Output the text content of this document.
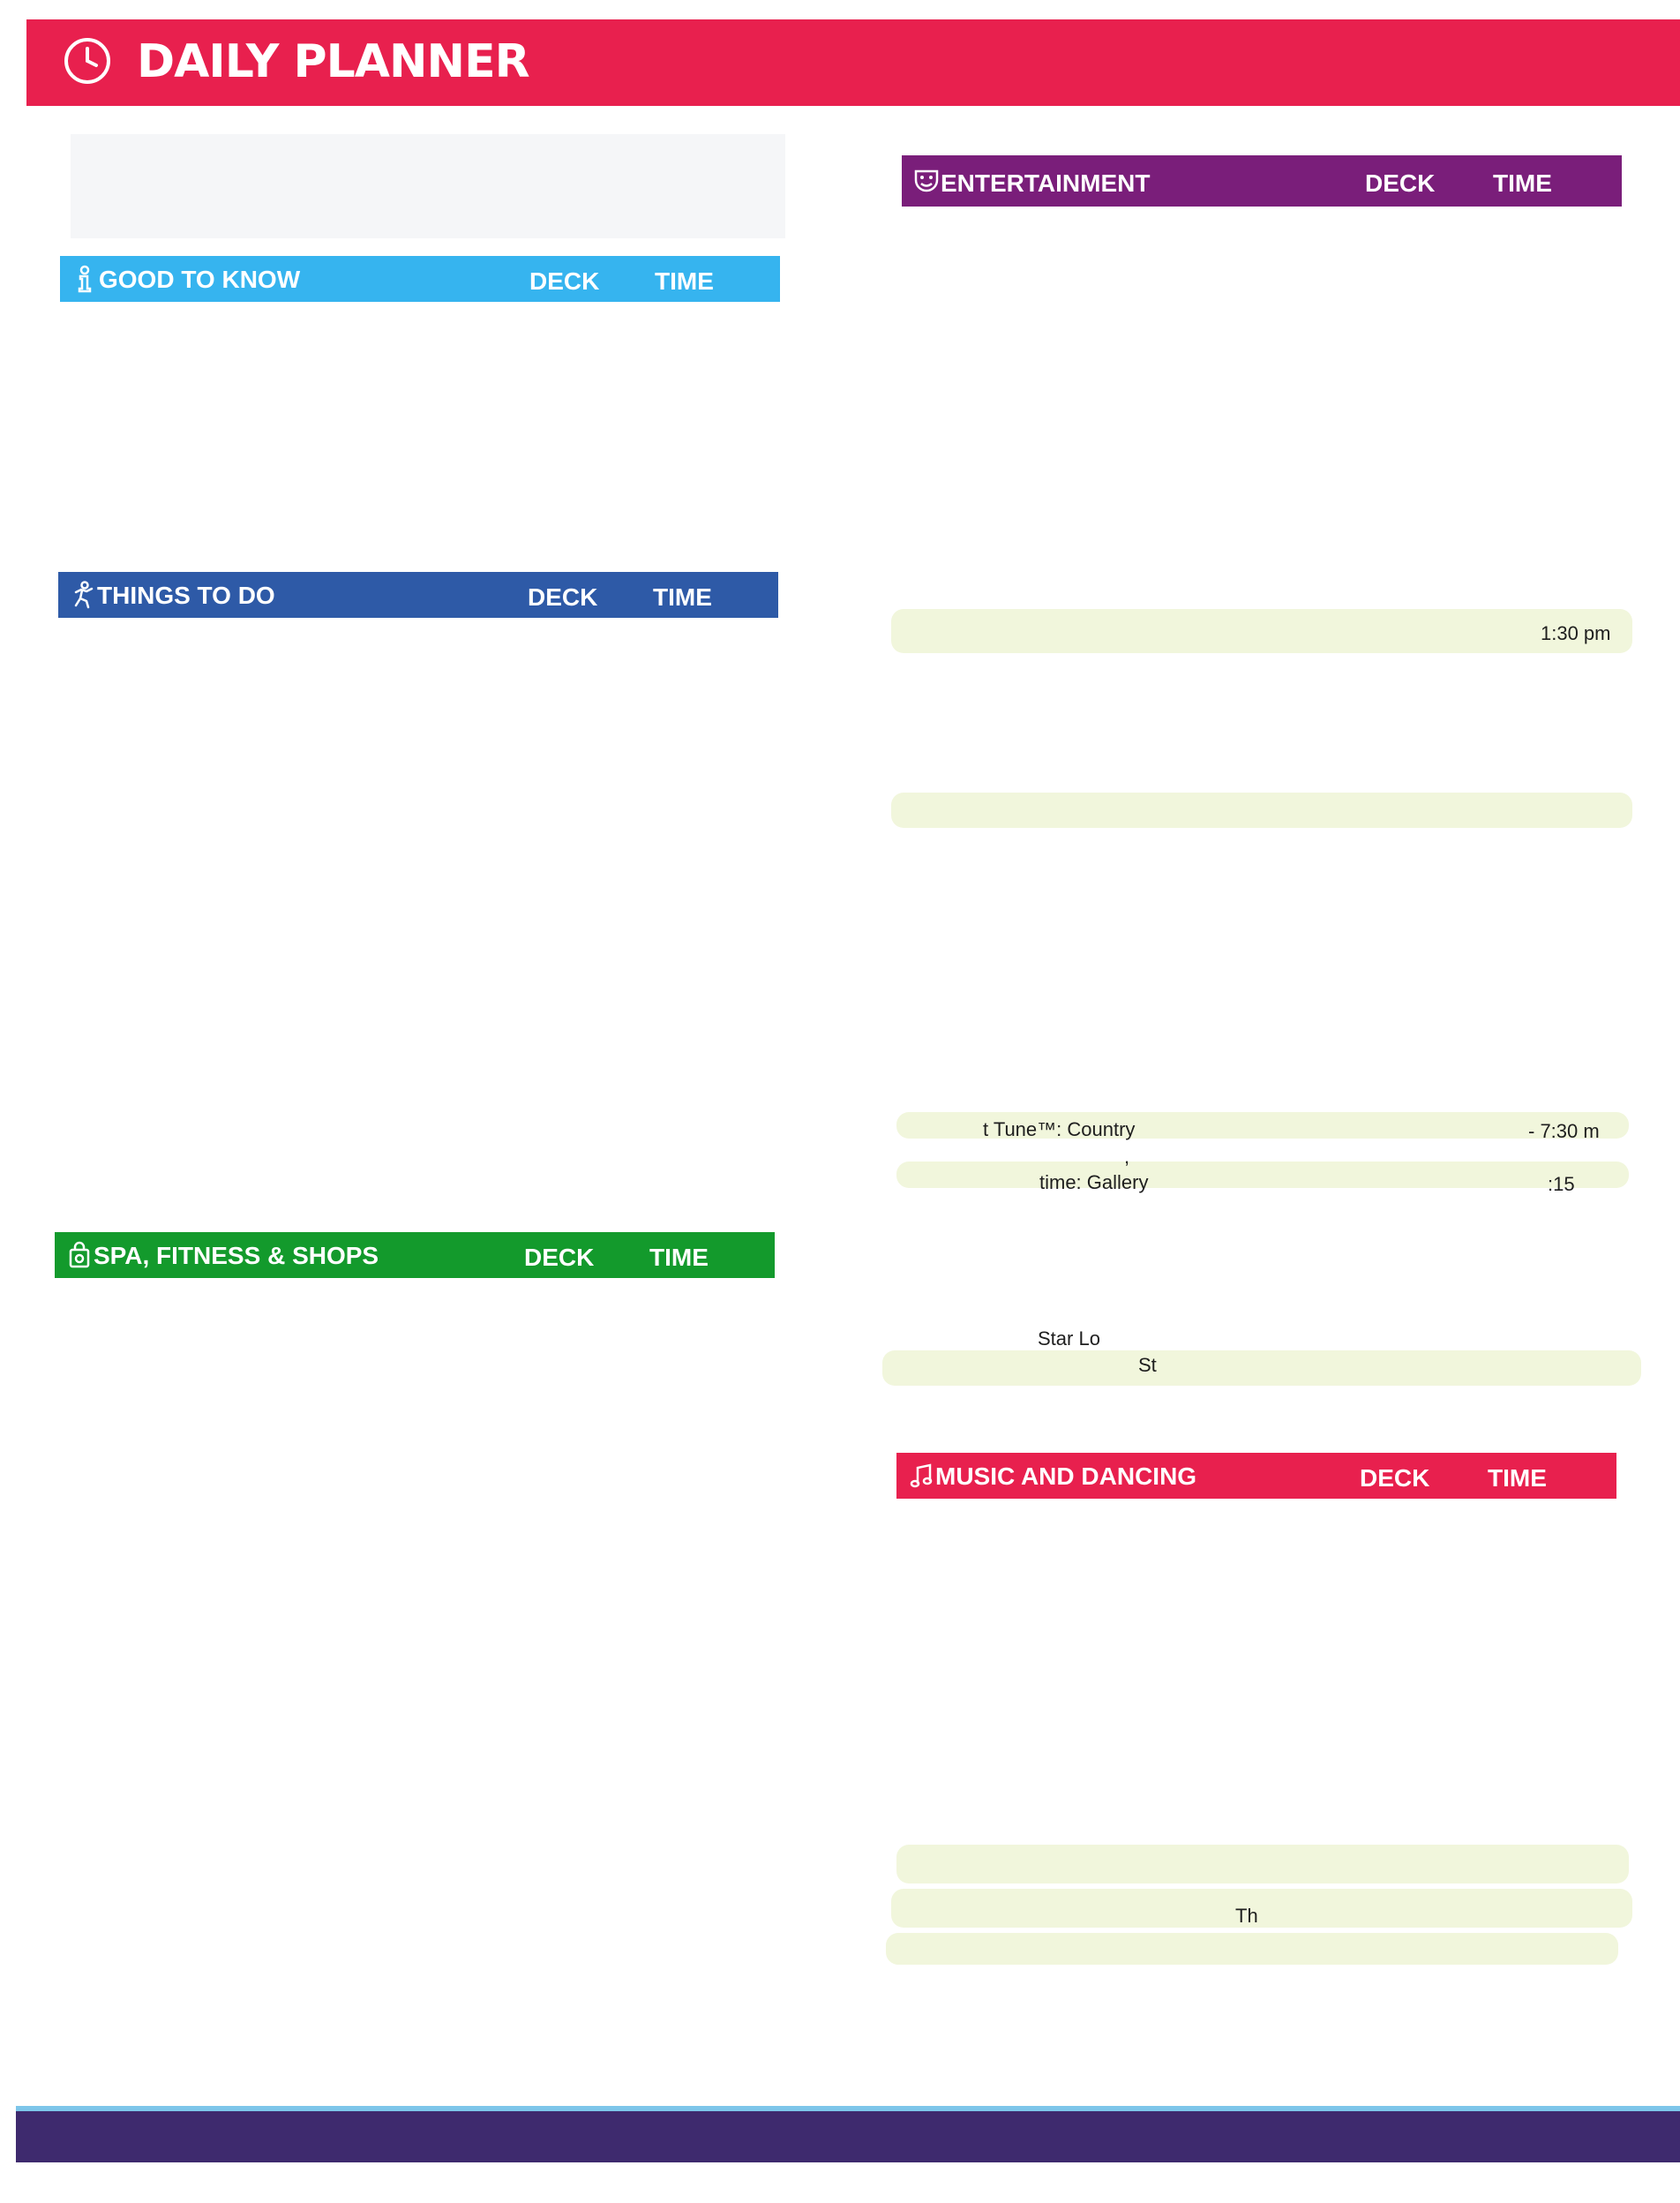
DAILY PLANNER
GOOD TO KNOW	DECK TIME
THINGS TO DO	DECK TIME
SPA, FITNESS & SHOPS	DECK TIME
ENTERTAINMENT	DECK TIME
1:30 pm
t Tune™: Country	- 7:30 m
,
time: Gallery	:15
Star Lo
St
MUSIC AND DANCING	DECK TIME
Th
